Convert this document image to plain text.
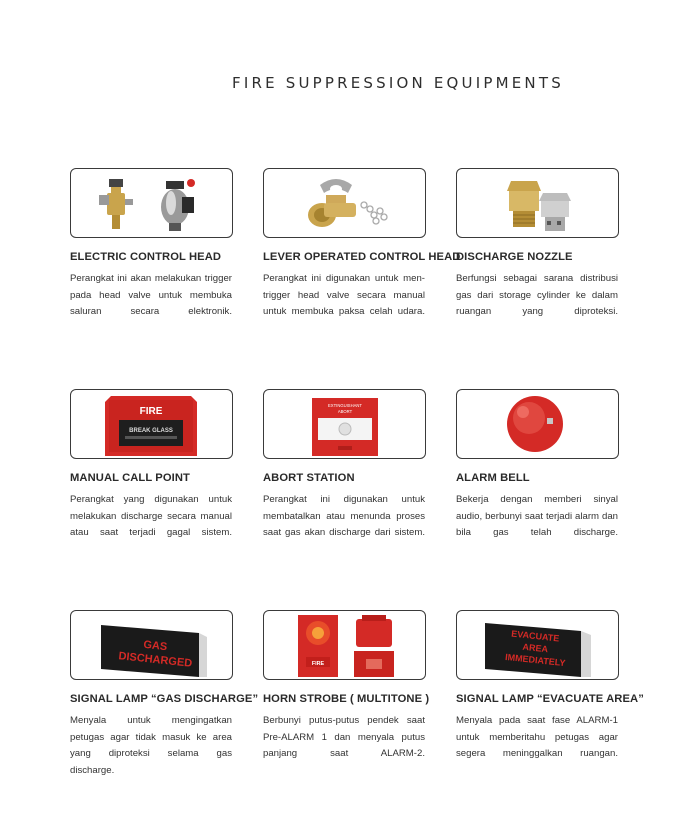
FIRE SUPPRESSION EQUIPMENTS
ELECTRIC CONTROL HEAD
Perangkat ini akan melakukan trigger pada head valve untuk membuka saluran secara elektronik.
LEVER OPERATED CONTROL HEAD
Perangkat ini digunakan untuk men-trigger head valve secara manual untuk membuka paksa celah udara.
DISCHARGE NOZZLE
Berfungsi sebagai sarana distribusi gas dari storage cylinder ke dalam ruangan yang diproteksi.
FIRE
BREAK GLASS
MANUAL CALL POINT
Perangkat yang digunakan untuk melakukan discharge secara manual atau saat terjadi gagal sistem.
EXTINGUISHANT
ABORT
ABORT STATION
Perangkat ini digunakan untuk membatalkan atau menunda proses saat gas akan discharge dari sistem.
ALARM BELL
Bekerja dengan memberi sinyal audio, berbunyi saat terjadi alarm dan bila gas telah discharge.
GAS
DISCHARGED
SIGNAL LAMP “GAS DISCHARGE”
Menyala untuk mengingatkan petugas agar tidak masuk ke area yang diproteksi selama gas discharge.
FIRE
HORN STROBE ( MULTITONE )
Berbunyi putus-putus pendek saat Pre-ALARM 1 dan menyala putus panjang saat ALARM-2.
EVACUATE
AREA
IMMEDIATELY
SIGNAL LAMP “EVACUATE AREA”
Menyala pada saat fase ALARM-1 untuk memberitahu petugas agar segera meninggalkan ruangan.
